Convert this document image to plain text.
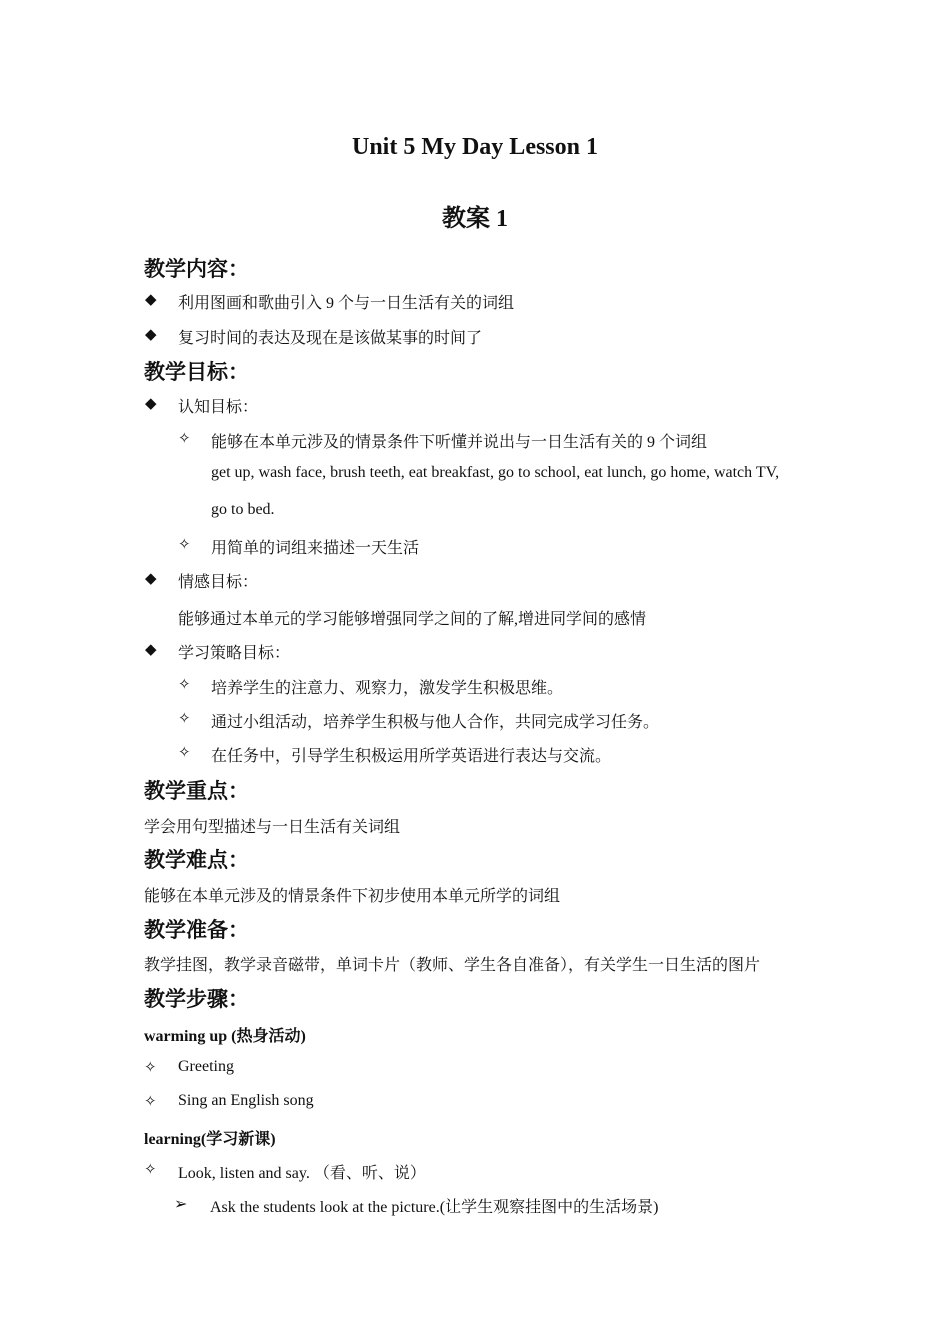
Unit 5 My Day Lesson 1
教案 1
教学内容：
◆ 利用图画和歌曲引入 9 个与一日生活有关的词组
◆ 复习时间的表达及现在是该做某事的时间了
教学目标：
◆ 认知目标：
✧ 能够在本单元涉及的情景条件下听懂并说出与一日生活有关的 9 个词组
get up, wash face, brush teeth, eat breakfast, go to school, eat lunch, go home, watch TV,
go to bed.
✧ 用简单的词组来描述一天生活
◆ 情感目标：
能够通过本单元的学习能够增强同学之间的了解,增进同学间的感情
◆ 学习策略目标：
✧ 培养学生的注意力、观察力，激发学生积极思维。
✧ 通过小组活动，培养学生积极与他人合作，共同完成学习任务。
✧ 在任务中，引导学生积极运用所学英语进行表达与交流。
教学重点：
学会用句型描述与一日生活有关词组
教学难点：
能够在本单元涉及的情景条件下初步使用本单元所学的词组
教学准备：
教学挂图，教学录音磁带，单词卡片（教师、学生各自准备），有关学生一日生活的图片
教学步骤：
warming up (热身活动)
✧ Greeting
✧ Sing an English song
learning(学习新课)
✧ Look, listen and say. （看、听、说）
➢ Ask the students look at the picture.(让学生观察挂图中的生活场景)
